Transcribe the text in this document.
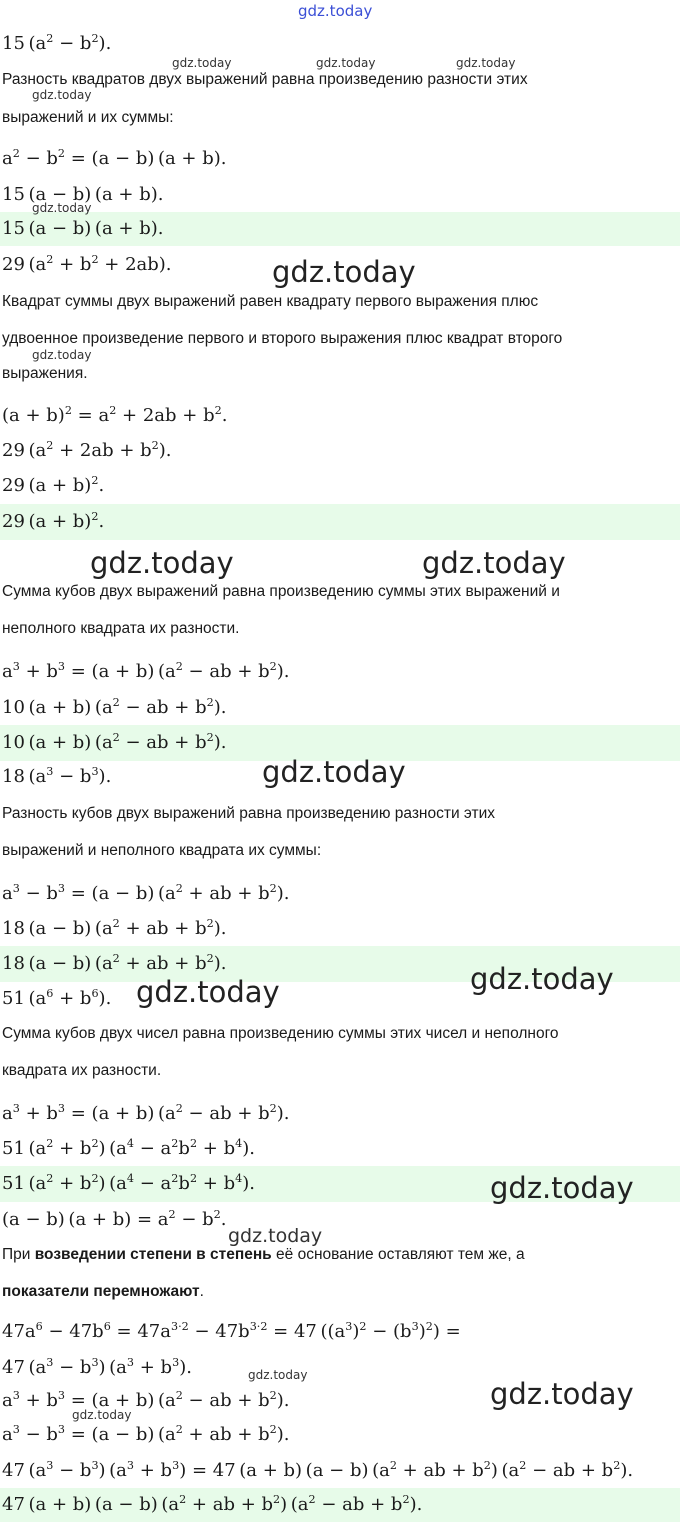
15 $(a^2 - b^2)$.
Разность квадратов двух выражений равна произведению разности этих
выражений и их суммы:
$a^2 - b^2 = (a - b) (a + b)$.
15 (a − b) (a + b).
15 (a − b) (a + b).
29 $(a^2 + b^2 + 2ab)$.
Квадрат суммы двух выражений равен квадрату первого выражения плюс
удвоенное произведение первого и второго выражения плюс квадрат второго
выражения.
$(a + b)^2 = a^2 + 2ab + b^2$.
29 $(a^2 + 2ab + b^2)$.
29 $(a + b)^2$.
29 $(a + b)^2$.
Сумма кубов двух выражений равна произведению суммы этих выражений и
неполного квадрата их разности.
$a^3 + b^3 = (a + b) (a^2$ − ab + $b^2$).
10 (a + b) ($a^2$ − ab + $b^2$).
10 (a + b) ($a^2$ − ab + $b^2$).
18 $(a^3 - b^3)$.
Разность кубов двух выражений равна произведению разности этих
выражений и неполного квадрата их суммы:
$a^3 - b^3 = (a - b) (a^2$ + ab + $b^2$).
18 (a − b) ($a^2$ + ab + $b^2$).
18 (a − b) ($a^2$ + ab + $b^2$).
51 $(a^6 + b^6)$.
Сумма кубов двух чисел равна произведению суммы этих чисел и неполного
квадрата их разности.
$a^3 + b^3 = (a + b) (a^2$ − ab + $b^2$).
51 $(a^2 + b^2) (a^4 - a^2b^2 + b^4)$.
51 $(a^2 + b^2) (a^4 - a^2b^2 + b^4)$.
(a − b) $(a + b) = a^2 - b^2$.
При возведении степени в степень её основание оставляют тем же, а
показатели перемножают.
$47a^6 - 47b^6 = 47a^{3\cdot 2} - 47b^{3\cdot 2} = 47$ $((a^3)^2 - (b^3)^2)$ =
47 $(a^3 - b^3) (a^3 + b^3)$.
$a^3 + b^3 = (a + b) (a^2$ − ab + $b^2$).
$a^3 - b^3 = (a - b) (a^2$ + ab + $b^2$).
47 $(a^3 - b^3) (a^3 + b^3) = 47$ (a + b) (a − b) ($a^2$ + ab + $b^2$) ($a^2$ − ab + $b^2$).
47 (a + b) (a − b) ($a^2$ + ab + $b^2$) ($a^2$ − ab + $b^2$).
gdz.today
gdz.today	gdz.today	gdz.today
gdz.today
gdz.today
gdz.today
gdz.today
gdz.today	gdz.today
gdz.today
gdz.today
gdz.today
gdz.today
gdz.today
gdz.today
gdz.today
gdz.today
